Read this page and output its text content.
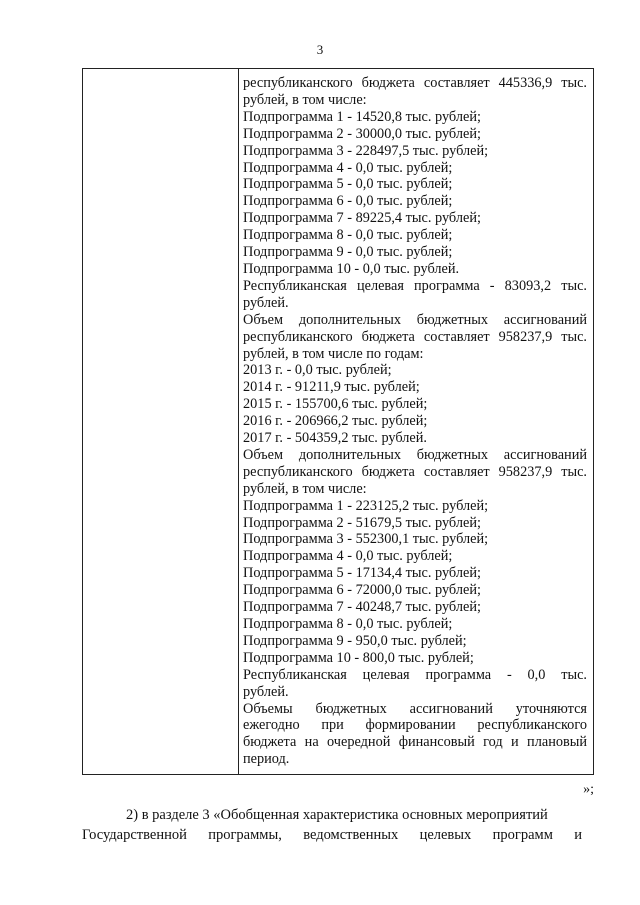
3
республиканского бюджета составляет 445336,9 тыс.
рублей, в том числе:
Подпрограмма 1 - 14520,8 тыс. рублей;
Подпрограмма 2 - 30000,0 тыс. рублей;
Подпрограмма 3 - 228497,5 тыс. рублей;
Подпрограмма 4 - 0,0 тыс. рублей;
Подпрограмма 5 - 0,0 тыс. рублей;
Подпрограмма 6 - 0,0 тыс. рублей;
Подпрограмма 7 - 89225,4 тыс. рублей;
Подпрограмма 8 - 0,0 тыс. рублей;
Подпрограмма 9 - 0,0 тыс. рублей;
Подпрограмма 10 - 0,0 тыс. рублей.
Республиканская целевая программа - 83093,2 тыс.
рублей.
Объем дополнительных бюджетных ассигнований
республиканского бюджета составляет 958237,9 тыс.
рублей, в том числе по годам:
2013 г. - 0,0 тыс. рублей;
2014 г. - 91211,9 тыс. рублей;
2015 г. - 155700,6 тыс. рублей;
2016 г. - 206966,2 тыс. рублей;
2017 г. - 504359,2 тыс. рублей.
Объем дополнительных бюджетных ассигнований
республиканского бюджета составляет 958237,9 тыс.
рублей, в том числе:
Подпрограмма 1 - 223125,2 тыс. рублей;
Подпрограмма 2 - 51679,5 тыс. рублей;
Подпрограмма 3 - 552300,1 тыс. рублей;
Подпрограмма 4 - 0,0 тыс. рублей;
Подпрограмма 5 - 17134,4 тыс. рублей;
Подпрограмма 6 - 72000,0 тыс. рублей;
Подпрограмма 7 - 40248,7 тыс. рублей;
Подпрограмма 8 - 0,0 тыс. рублей;
Подпрограмма 9 - 950,0 тыс. рублей;
Подпрограмма 10 - 800,0 тыс. рублей;
Республиканская целевая программа - 0,0 тыс.
рублей.
Объемы бюджетных ассигнований уточняются
ежегодно при формировании республиканского
бюджета на очередной финансовый год и плановый
период.
»;
2) в разделе 3 «Обобщенная характеристика основных мероприятий
Государственной программы, ведомственных целевых программ и
